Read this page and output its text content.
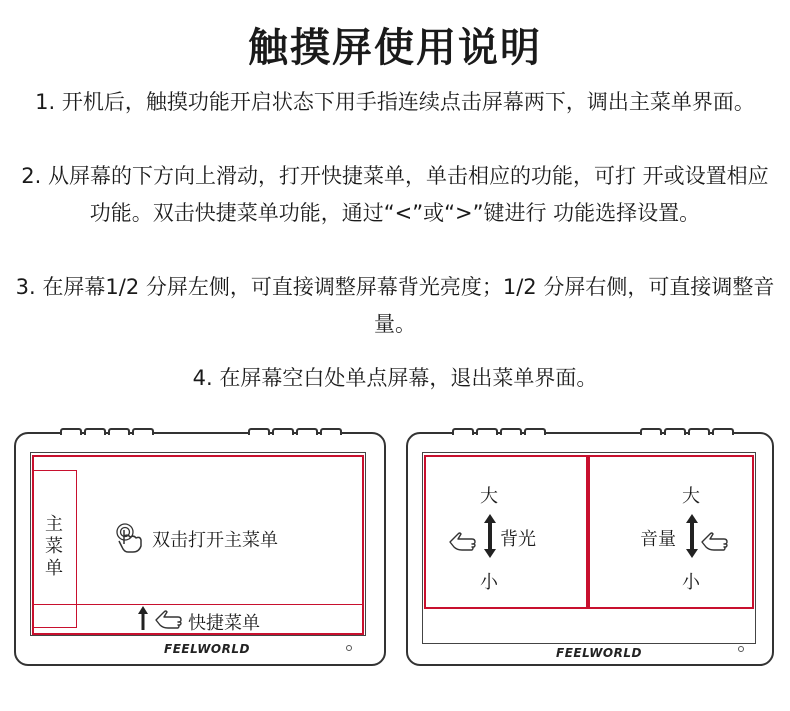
触摸屏使用说明
1. 开机后，触摸功能开启状态下用手指连续点击屏幕两下，调出主菜单界面。
2. 从屏幕的下方向上滑动，打开快捷菜单，单击相应的功能，可打 开或设置相应功能。双击快捷菜单功能，通过“<”或“>”键进行 功能选择设置。
3. 在屏幕1/2 分屏左侧，可直接调整屏幕背光亮度；1/2 分屏右侧，可直接调整音量。
4. 在屏幕空白处单点屏幕，退出菜单界面。
主菜单
双击打开主菜单
快捷菜单
FEELWORLD
大
背光
小
大
音量
小
FEELWORLD
